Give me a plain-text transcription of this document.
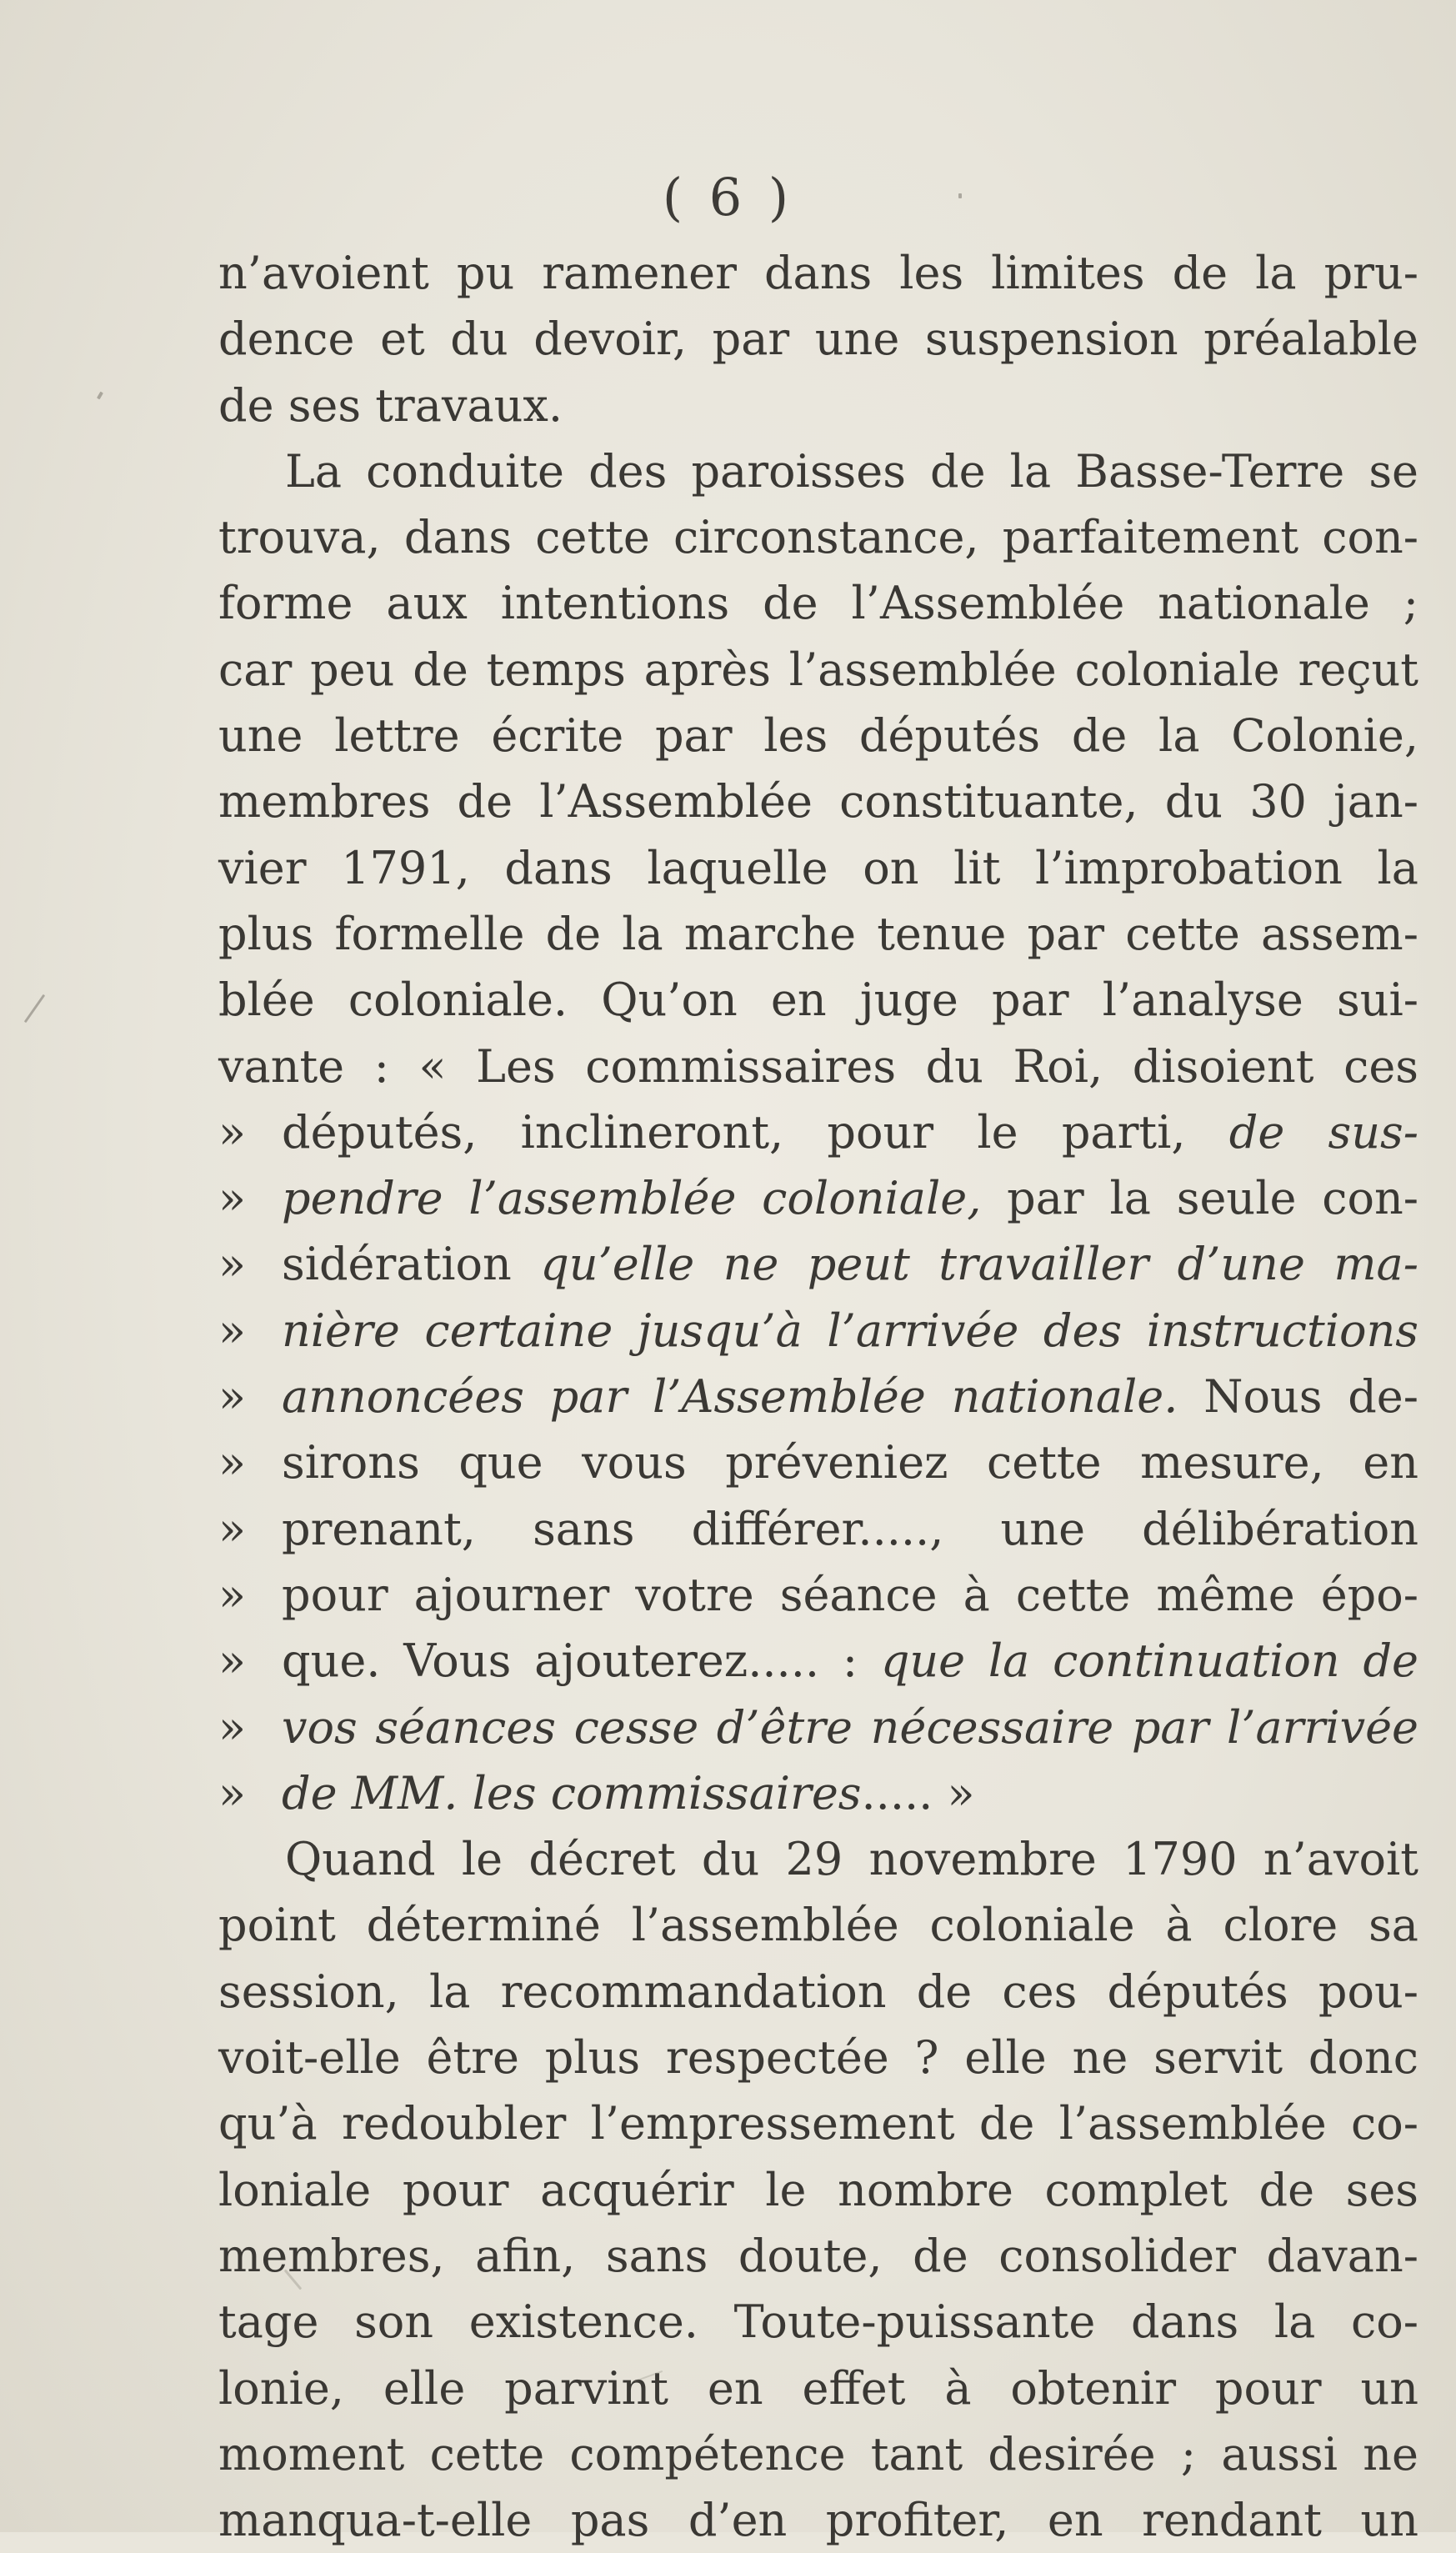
( 6 )
n’avoient pu ramener dans les limites de la pru-
dence et du devoir, par une suspension préalable
de ses travaux.
La conduite des paroisses de la Basse-Terre se
trouva, dans cette circonstance, parfaitement con-
forme aux intentions de l’Assemblée nationale ;
car peu de temps après l’assemblée coloniale reçut
une lettre écrite par les députés de la Colonie,
membres de l’Assemblée constituante, du 30 jan-
vier 1791, dans laquelle on lit l’improbation la
plus formelle de la marche tenue par cette assem-
blée coloniale. Qu’on en juge par l’analyse sui-
vante : « Les commissaires du Roi, disoient ces
» députés, inclineront, pour le parti, de sus-
» pendre l’assemblée coloniale, par la seule con-
» sidération qu’elle ne peut travailler d’une ma-
» nière certaine jusqu’à l’arrivée des instructions
» annoncées par l’Assemblée nationale. Nous de-
» sirons que vous préveniez cette mesure, en
» prenant, sans différer....., une délibération
» pour ajourner votre séance à cette même épo-
» que. Vous ajouterez..... : que la continuation de
» vos séances cesse d’être nécessaire par l’arrivée
» de MM. les commissaires..... »
Quand le décret du 29 novembre 1790 n’avoit
point déterminé l’assemblée coloniale à clore sa
session, la recommandation de ces députés pou-
voit-elle être plus respectée ? elle ne servit donc
qu’à redoubler l’empressement de l’assemblée co-
loniale pour acquérir le nombre complet de ses
membres, afin, sans doute, de consolider davan-
tage son existence. Toute-puissante dans la co-
lonie, elle parvint en effet à obtenir pour un
moment cette compétence tant desirée ; aussi ne
manqua-t-elle pas d’en profiter, en rendant un
